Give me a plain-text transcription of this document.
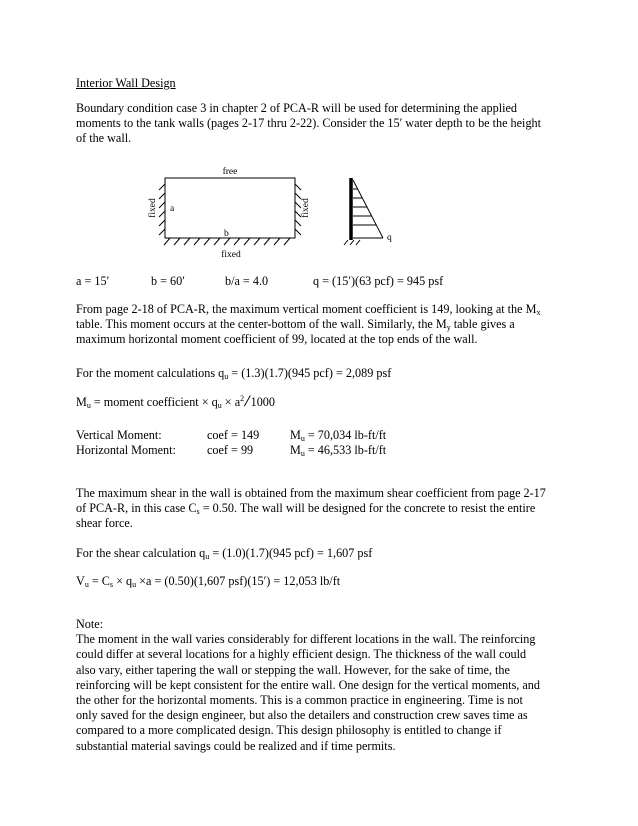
Interior Wall Design

Boundary condition case 3 in chapter 2 of PCA-R will be used for determining the applied
moments to the tank walls (pages 2-17 thru 2-22). Consider the 15′ water depth to be the height
of the wall.
free
a
b
fixed
q
fixed	fixed
a = 15′	b = 60′	b/a = 4.0	q = (15′)(63 pcf) = 945 psf
From page 2-18 of PCA-R, the maximum vertical moment coefficient is 149, looking at the $M_x$
table. This moment occurs at the center-bottom of the wall. Similarly, the $M_y$ table gives a
maximum horizontal moment coefficient of 99, located at the top ends of the wall.
For the moment calculations $q_u = (1.3)(1.7)(945$ pcf) = 2,089 psf
$M_u$ = moment coefficient × $q_u \times a^2/1000$
Vertical Moment:	coef = 149	$M_u = 70,034$ lb-ft/ft
Horizontal Moment:	coef = 99	$M_u = 46,533$ lb-ft/ft
The maximum shear in the wall is obtained from the maximum shear coefficient from page 2-17
of PCA-R, in this case $C_s = 0.50$. The wall will be designed for the concrete to resist the entire
shear force.
For the shear calculation $q_u = (1.0)(1.7)(945$ pcf) = 1,607 psf
$V_u = C_s \times q_u \times a = (0.50)(1,607$ psf)(15′) = 12,053 lb/ft
Note:
The moment in the wall varies considerably for different locations in the wall. The reinforcing
could differ at several locations for a highly efficient design. The thickness of the wall could
also vary, either tapering the wall or stepping the wall. However, for the sake of time, the
reinforcing will be kept consistent for the entire wall. One design for the vertical moments, and
the other for the horizontal moments. This is a common practice in engineering. Time is not
only saved for the design engineer, but also the detailers and construction crew saves time as
compared to a more complicated design. This design philosophy is entitled to change if
substantial material savings could be realized and if time permits.
